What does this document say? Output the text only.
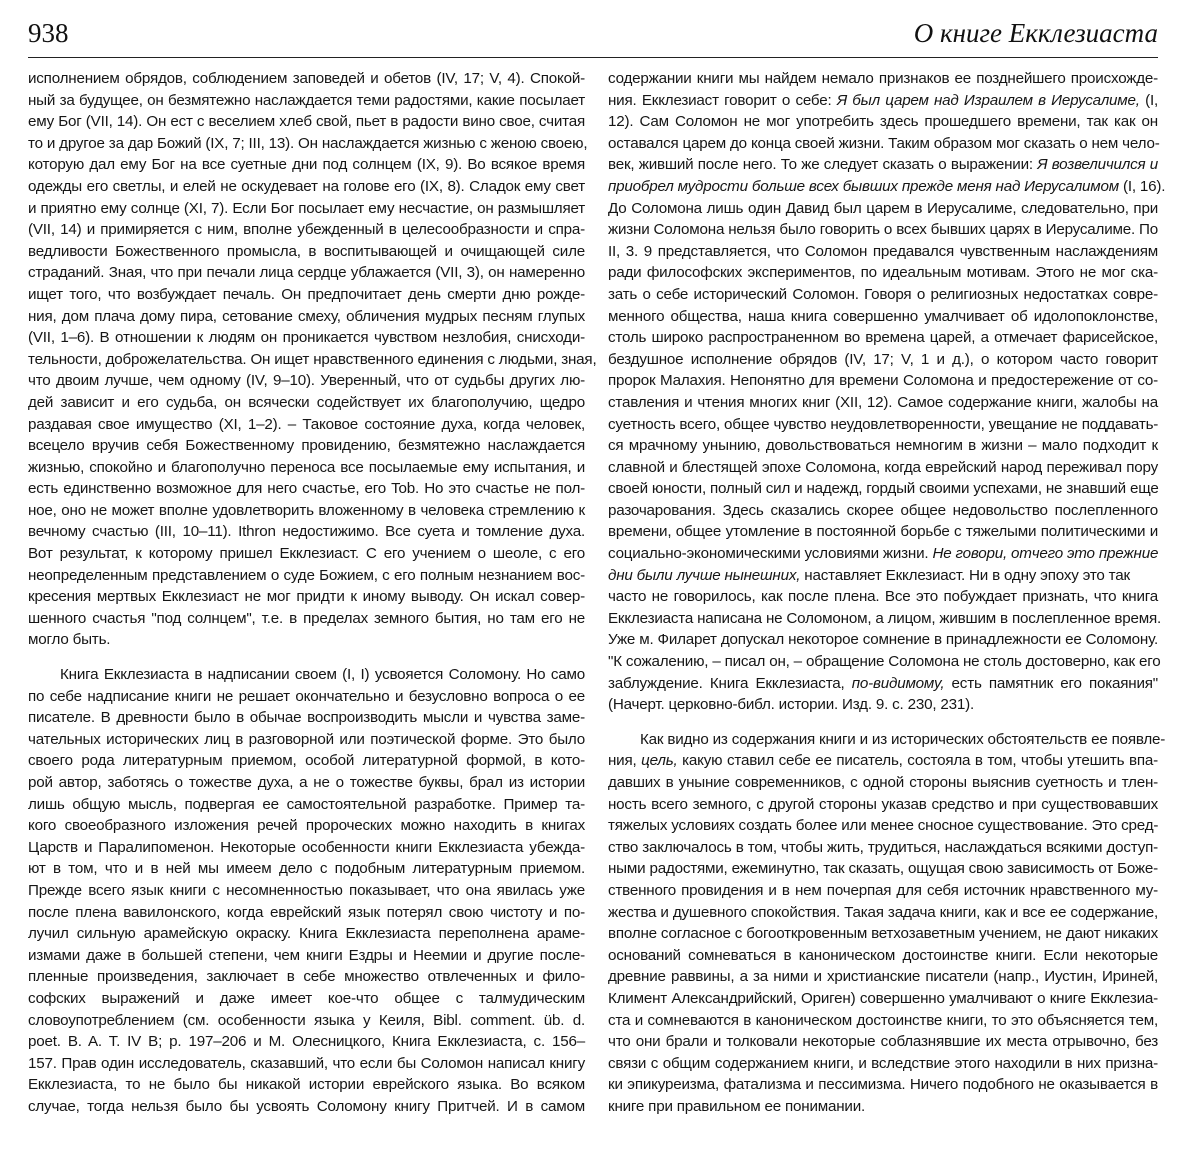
938	О книге Екклезиаста
исполнением обрядов, соблюдением заповедей и обетов (IV, 17; V, 4). Спокой-
ный за будущее, он безмятежно наслаждается теми радостями, какие посылает
ему Бог (VII, 14). Он ест с веселием хлеб свой, пьет в радости вино свое, считая
то и другое за дар Божий (IX, 7; III, 13). Он наслаждается жизнью с женою своею,
которую дал ему Бог на все суетные дни под солнцем (IX, 9). Во всякое время
одежды его светлы, и елей не оскудевает на голове его (IX, 8). Сладок ему свет
и приятно ему солнце (XI, 7). Если Бог посылает ему несчастие, он размышляет
(VII, 14) и примиряется с ним, вполне убежденный в целесообразности и спра-
ведливости Божественного промысла, в воспитывающей и очищающей силе
страданий. Зная, что при печали лица сердце ублажается (VII, 3), он намеренно
ищет того, что возбуждает печаль. Он предпочитает день смерти дню рожде-
ния, дом плача дому пира, сетование смеху, обличения мудрых песням глупых
(VII, 1–6). В отношении к людям он проникается чувством незлобия, снисходи-
тельности, доброжелательства. Он ищет нравственного единения с людьми, зная,
что двоим лучше, чем одному (IV, 9–10). Уверенный, что от судьбы других лю-
дей зависит и его судьба, он всячески содействует их благополучию, щедро
раздавая свое имущество (XI, 1–2). – Таковое состояние духа, когда человек,
всецело вручив себя Божественному провидению, безмятежно наслаждается
жизнью, спокойно и благополучно переноса все посылаемые ему испытания, и
есть единственно возможное для него счастье, его Tob. Но это счастье не пол-
ное, оно не может вполне удовлетворить вложенному в человека стремлению к
вечному счастью (III, 10–11). Ithron недостижимо. Все суета и томление духа.
Вот результат, к которому пришел Екклезиаст. С его учением о шеоле, с его
неопределенным представлением о суде Божием, с его полным незнанием вос-
кресения мертвых Екклезиаст не мог придти к иному выводу. Он искал совер-
шенного счастья "под солнцем", т.е. в пределах земного бытия, но там его не
могло быть.
Книга Екклезиаста в надписании своем (I, I) усвояется Соломону. Но само
по себе надписание книги не решает окончательно и безусловно вопроса о ее
писателе. В древности было в обычае воспроизводить мысли и чувства заме-
чательных исторических лиц в разговорной или поэтической форме. Это было
своего рода литературным приемом, особой литературной формой, в кото-
рой автор, заботясь о тожестве духа, а не о тожестве буквы, брал из истории
лишь общую мысль, подвергая ее самостоятельной разработке. Пример та-
кого своеобразного изложения речей пророческих можно находить в книгах
Царств и Паралипоменон. Некоторые особенности книги Екклезиаста убежда-
ют в том, что и в ней мы имеем дело с подобным литературным приемом.
Прежде всего язык книги с несомненностью показывает, что она явилась уже
после плена вавилонского, когда еврейский язык потерял свою чистоту и по-
лучил сильную арамейскую окраску. Книга Екклезиаста переполнена араме-
измами даже в большей степени, чем книги Ездры и Неемии и другие после-
пленные произведения, заключает в себе множество отвлеченных и фило-
софских выражений и даже имеет кое-что общее с талмудическим
словоупотреблением (см. особенности языка у Кеиля, Bibl. comment. üb. d.
poet. B. A. T. IV B; p. 197–206 и М. Олесницкого, Книга Екклезиаста, с. 156–
157. Прав один исследователь, сказавший, что если бы Соломон написал книгу
Екклезиаста, то не было бы никакой истории еврейского языка. Во всяком
случае, тогда нельзя было бы усвоять Соломону книгу Притчей. И в самом
содержании книги мы найдем немало признаков ее позднейшего происхожде-
ния. Екклезиаст говорит о себе: Я был царем над Израилем в Иерусалиме, (I,
12). Сам Соломон не мог употребить здесь прошедшего времени, так как он
оставался царем до конца своей жизни. Таким образом мог сказать о нем чело-
век, живший после него. То же следует сказать о выражении: Я возвеличился и
приобрел мудрости больше всех бывших прежде меня над Иерусалимом (I, 16).
До Соломона лишь один Давид был царем в Иерусалиме, следовательно, при
жизни Соломона нельзя было говорить о всех бывших царях в Иерусалиме. По
II, 3. 9 представляется, что Соломон предавался чувственным наслаждениям
ради философских экспериментов, по идеальным мотивам. Этого не мог ска-
зать о себе исторический Соломон. Говоря о религиозных недостатках совре-
менного общества, наша книга совершенно умалчивает об идолопоклонстве,
столь широко распространенном во времена царей, а отмечает фарисейское,
бездушное исполнение обрядов (IV, 17; V, 1 и д.), о котором часто говорит
пророк Малахия. Непонятно для времени Соломона и предостережение от со-
ставления и чтения многих книг (XII, 12). Самое содержание книги, жалобы на
суетность всего, общее чувство неудовлетворенности, увещание не поддавать-
ся мрачному унынию, довольствоваться немногим в жизни – мало подходит к
славной и блестящей эпохе Соломона, когда еврейский народ переживал пору
своей юности, полный сил и надежд, гордый своими успехами, не знавший еще
разочарования. Здесь сказались скорее общее недовольство послепленного
времени, общее утомление в постоянной борьбе с тяжелыми политическими и
социально-экономическими условиями жизни. Не говори, отчего это прежние
дни были лучше нынешних, наставляет Екклезиаст. Ни в одну эпоху это так
часто не говорилось, как после плена. Все это побуждает признать, что книга
Екклезиаста написана не Соломоном, а лицом, жившим в послепленное время.
Уже м. Филарет допускал некоторое сомнение в принадлежности ее Соломону.
"К сожалению, – писал он, – обращение Соломона не столь достоверно, как его
заблуждение. Книга Екклезиаста, по-видимому, есть памятник его покаяния"
(Начерт. церковно-библ. истории. Изд. 9. с. 230, 231).
Как видно из содержания книги и из исторических обстоятельств ее появле-
ния, цель, какую ставил себе ее писатель, состояла в том, чтобы утешить впа-
давших в уныние современников, с одной стороны выяснив суетность и тлен-
ность всего земного, с другой стороны указав средство и при существовавших
тяжелых условиях создать более или менее сносное существование. Это сред-
ство заключалось в том, чтобы жить, трудиться, наслаждаться всякими доступ-
ными радостями, ежеминутно, так сказать, ощущая свою зависимость от Боже-
ственного провидения и в нем почерпая для себя источник нравственного му-
жества и душевного спокойствия. Такая задача книги, как и все ее содержание,
вполне согласное с богооткровенным ветхозаветным учением, не дают никаких
оснований сомневаться в каноническом достоинстве книги. Если некоторые
древние раввины, а за ними и христианские писатели (напр., Иустин, Ириней,
Климент Александрийский, Ориген) совершенно умалчивают о книге Екклезиа-
ста и сомневаются в каноническом достоинстве книги, то это объясняется тем,
что они брали и толковали некоторые соблазнявшие их места отрывочно, без
связи с общим содержанием книги, и вследствие этого находили в них призна-
ки эпикуреизма, фатализма и пессимизма. Ничего подобного не оказывается в
книге при правильном ее понимании.
